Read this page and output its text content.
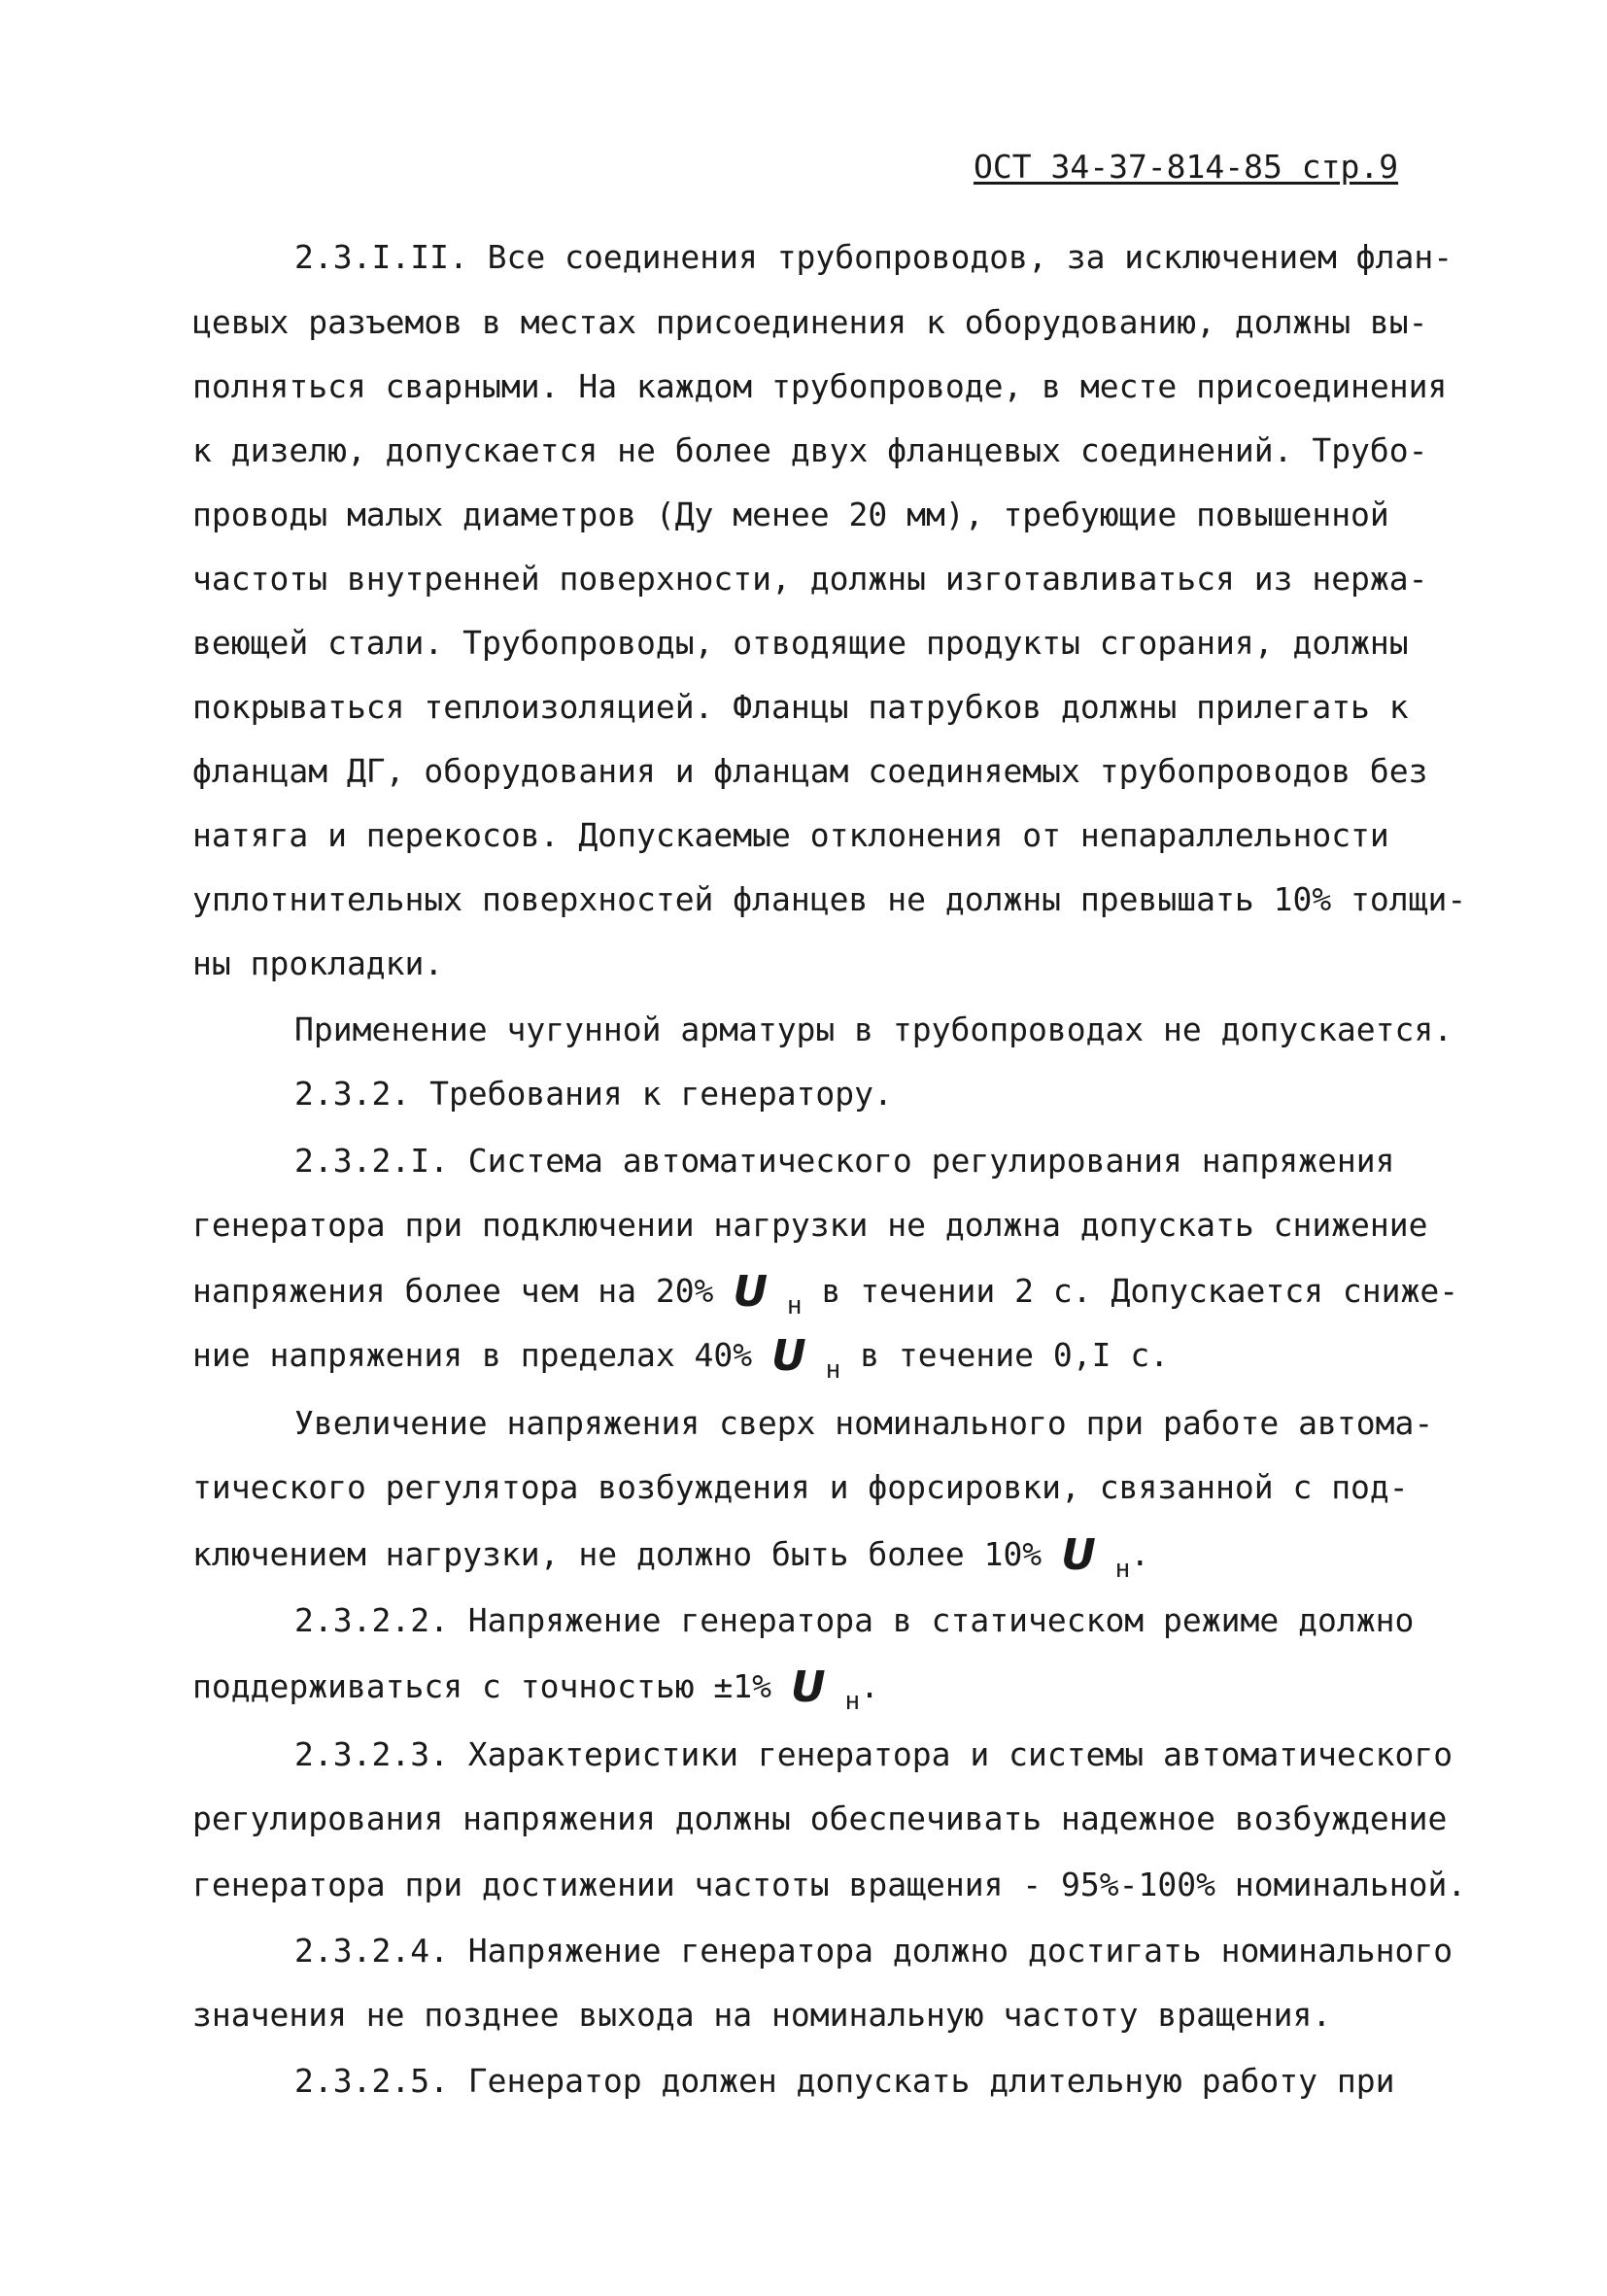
ОСТ 34-37-814-85 стр.9
2.3.I.II. Все соединения трубопроводов, за исключением флан-
цевых разъемов в местах присоединения к оборудованию, должны вы-
полняться сварными. На каждом трубопроводе, в месте присоединения
к дизелю, допускается не более двух фланцевых соединений. Трубо-
проводы малых диаметров (Ду менее 20 мм), требующие повышенной
частоты внутренней поверхности, должны изготавливаться из нержа-
веющей стали. Трубопроводы, отводящие продукты сгорания, должны
покрываться теплоизоляцией. Фланцы патрубков должны прилегать к
фланцам ДГ, оборудования и фланцам соединяемых трубопроводов без
натяга и перекосов. Допускаемые отклонения от непараллельности
уплотнительных поверхностей фланцев не должны превышать 10% толщи-
ны прокладки.
Применение чугунной арматуры в трубопроводах не допускается.
2.3.2. Требования к генератору.
2.3.2.I. Система автоматического регулирования напряжения
генератора при подключении нагрузки не должна допускать снижение
напряжения более чем на 20% U $_н$ в течении 2 с. Допускается сниже-
ние напряжения в пределах 40% U $_н$ в течение 0,I с.
Увеличение напряжения сверх номинального при работе автома-
тического регулятора возбуждения и форсировки, связанной с под-
ключением нагрузки, не должно быть более 10% U $_н$.
2.3.2.2. Напряжение генератора в статическом режиме должно
поддерживаться с точностью ±1% U $_н$.
2.3.2.3. Характеристики генератора и системы автоматического
регулирования напряжения должны обеспечивать надежное возбуждение
генератора при достижении частоты вращения - 95%-100% номинальной.
2.3.2.4. Напряжение генератора должно достигать номинального
значения не позднее выхода на номинальную частоту вращения.
2.3.2.5. Генератор должен допускать длительную работу при
